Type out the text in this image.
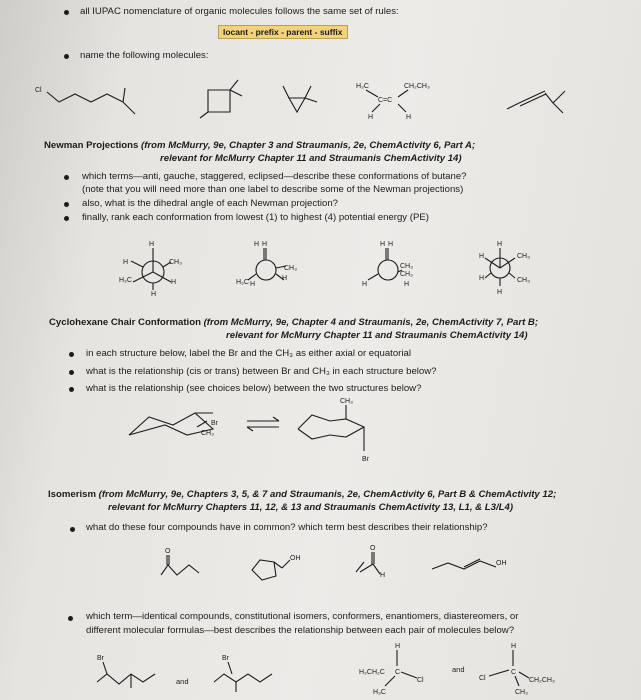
all IUPAC nomenclature of organic molecules follows the same set of rules:
locant - prefix - parent - suffix
name the following molecules:
Cl
H₃C	CH₂CH₃
C=C
H	H
Newman Projections (from McMurry, 9e, Chapter 3 and Straumanis, 2e, ChemActivity 6, Part A;
relevant for McMurry Chapter 11 and Straumanis ChemActivity 14)
which terms—anti, gauche, staggered, eclipsed—describe these conformations of butane?
(note that you will need more than one label to describe some of the Newman projections)
also, what is the dihedral angle of each Newman projection?
finally, rank each conformation from lowest (1) to highest (4) potential energy (PE)
H
H	CH₃
H₃C	H
H
H H
CH₃
H₃C H
H
H H
CH₃
CH₃
H	H
H
H	CH₃
H	CH₃
H
Cyclohexane Chair Conformation (from McMurry, 9e, Chapter 4 and Straumanis, 2e, ChemActivity 7, Part B;
relevant for McMurry Chapter 11 and Straumanis ChemActivity 14)
in each structure below, label the Br and the CH₃ as either axial or equatorial
what is the relationship (cis or trans) between Br and CH₃ in each structure below?
what is the relationship (see choices below) between the two structures below?
Br
CH₃
CH₃
Br
Isomerism (from McMurry, 9e, Chapters 3, 5, & 7 and Straumanis, 2e, ChemActivity 6, Part B & ChemActivity 12;
relevant for McMurry Chapters 11, 12, & 13 and Straumanis ChemActivity 13, L1, & L3/L4)
what do these four compounds have in common? which term best describes their relationship?
O
OH
O
H
OH
which term—identical compounds, constitutional isomers, conformers, enantiomers, diastereomers, or
different molecular formulas—best describes the relationship between each pair of molecules below?
Br
and
Br
H
H₃CH₂C C
Cl
H₃C
and
H
Cl
C
CH₂CH₃
CH₃
